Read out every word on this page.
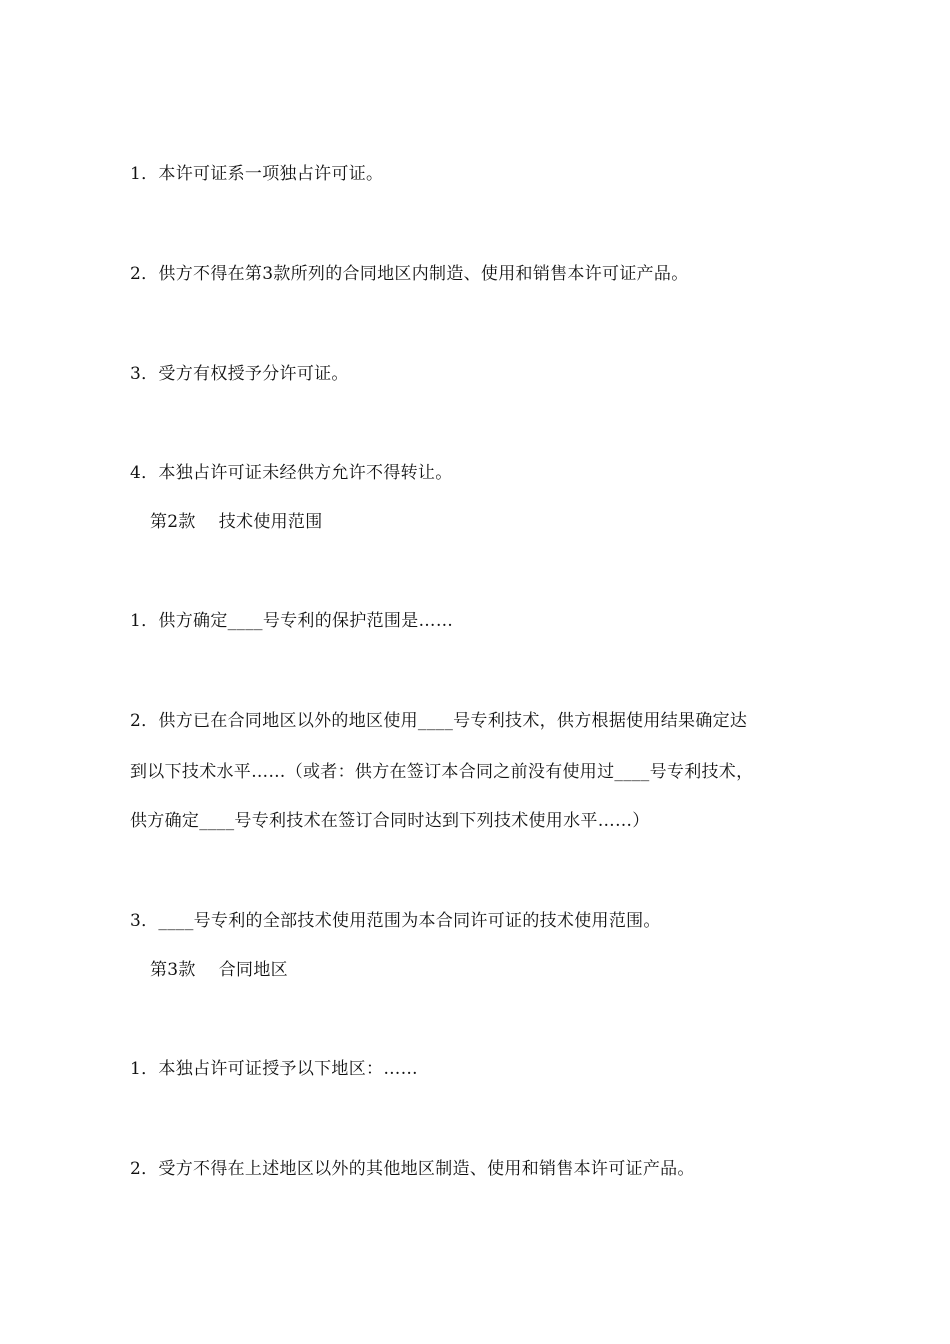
1．本许可证系一项独占许可证。
2．供方不得在第3款所列的合同地区内制造、使用和销售本许可证产品。
3．受方有权授予分许可证。
4．本独占许可证未经供方允许不得转让。
第2款　 技术使用范围
1．供方确定____号专利的保护范围是……
2．供方已在合同地区以外的地区使用____号专利技术，供方根据使用结果确定达
到以下技术水平……（或者：供方在签订本合同之前没有使用过____号专利技术，
供方确定____号专利技术在签订合同时达到下列技术使用水平……）
3．____号专利的全部技术使用范围为本合同许可证的技术使用范围。
第3款　 合同地区
1．本独占许可证授予以下地区：……
2．受方不得在上述地区以外的其他地区制造、使用和销售本许可证产品。
